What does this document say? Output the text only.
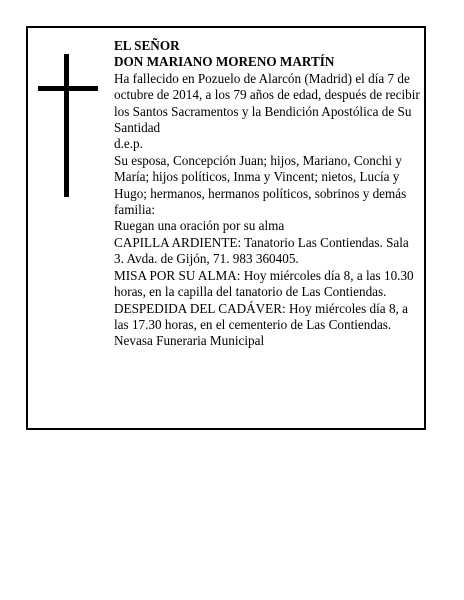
EL SEÑOR

DON MARIANO MORENO MARTÍN

Ha fallecido en Pozuelo de Alarcón (Madrid) el día 7 de octubre de 2014, a los 79 años de edad, después de recibir los Santos Sacramentos y la Bendición Apostólica de Su Santidad

d.e.p.

Su esposa, Concepción Juan; hijos, Mariano, Conchi y María; hijos políticos, Inma y Vincent; nietos, Lucía y Hugo; hermanos, hermanos políticos, sobrinos y demás familia:

Ruegan una oración por su alma

CAPILLA ARDIENTE: Tanatorio Las Contiendas. Sala 3. Avda. de Gijón, 71. 983 360405.

MISA POR SU ALMA: Hoy miércoles día 8, a las 10.30 horas, en la capilla del tanatorio de Las Contiendas. DESPEDIDA DEL CADÁVER: Hoy miércoles día 8, a las 17.30 horas, en el cementerio de Las Contiendas.

Nevasa Funeraria Municipal
